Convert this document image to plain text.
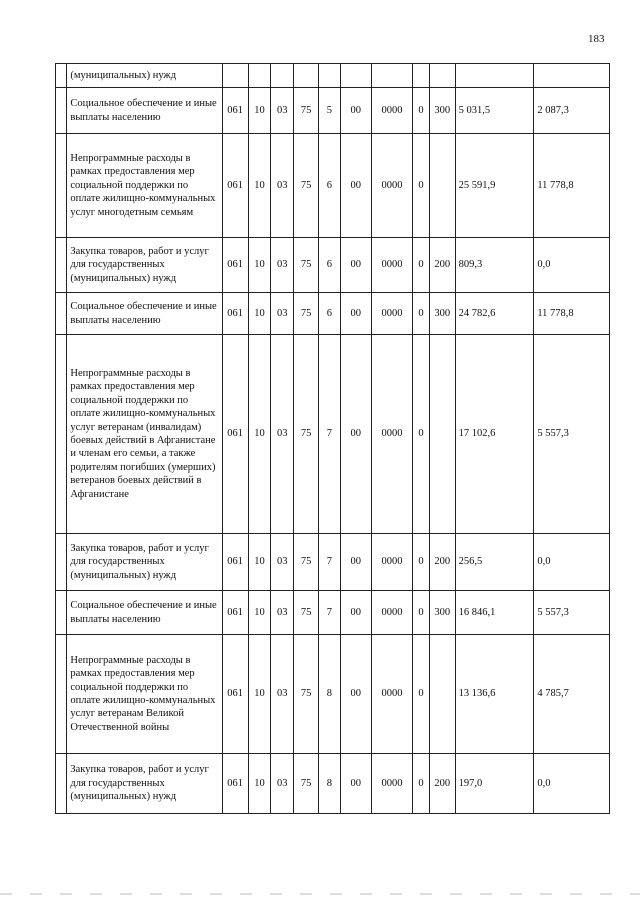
183
	(муниципальных) нужд											
	Социальное обеспечение и иные выплаты населению	061	10	03	75	5	00	0000	0	300	5 031,5	2 087,3
	Непрограммные расходы в рамках предоставления мер социальной поддержки по оплате жилищно-коммунальных услуг многодетным семьям	061	10	03	75	6	00	0000	0		25 591,9	11 778,8
	Закупка товаров, работ и услуг для государственных (муниципальных) нужд	061	10	03	75	6	00	0000	0	200	809,3	0,0
	Социальное обеспечение и иные выплаты населению	061	10	03	75	6	00	0000	0	300	24 782,6	11 778,8
	Непрограммные расходы в рамках предоставления мер социальной поддержки по оплате жилищно-коммунальных услуг ветеранам (инвалидам) боевых действий в Афганистане и членам его семьи, а также родителям погибших (умерших) ветеранов боевых действий в Афганистане	061	10	03	75	7	00	0000	0		17 102,6	5 557,3
	Закупка товаров, работ и услуг для государственных (муниципальных) нужд	061	10	03	75	7	00	0000	0	200	256,5	0,0
	Социальное обеспечение и иные выплаты населению	061	10	03	75	7	00	0000	0	300	16 846,1	5 557,3
	Непрограммные расходы в рамках предоставления мер социальной поддержки по оплате жилищно-коммунальных услуг ветеранам Великой Отечественной войны	061	10	03	75	8	00	0000	0		13 136,6	4 785,7
	Закупка товаров, работ и услуг для государственных (муниципальных) нужд	061	10	03	75	8	00	0000	0	200	197,0	0,0
